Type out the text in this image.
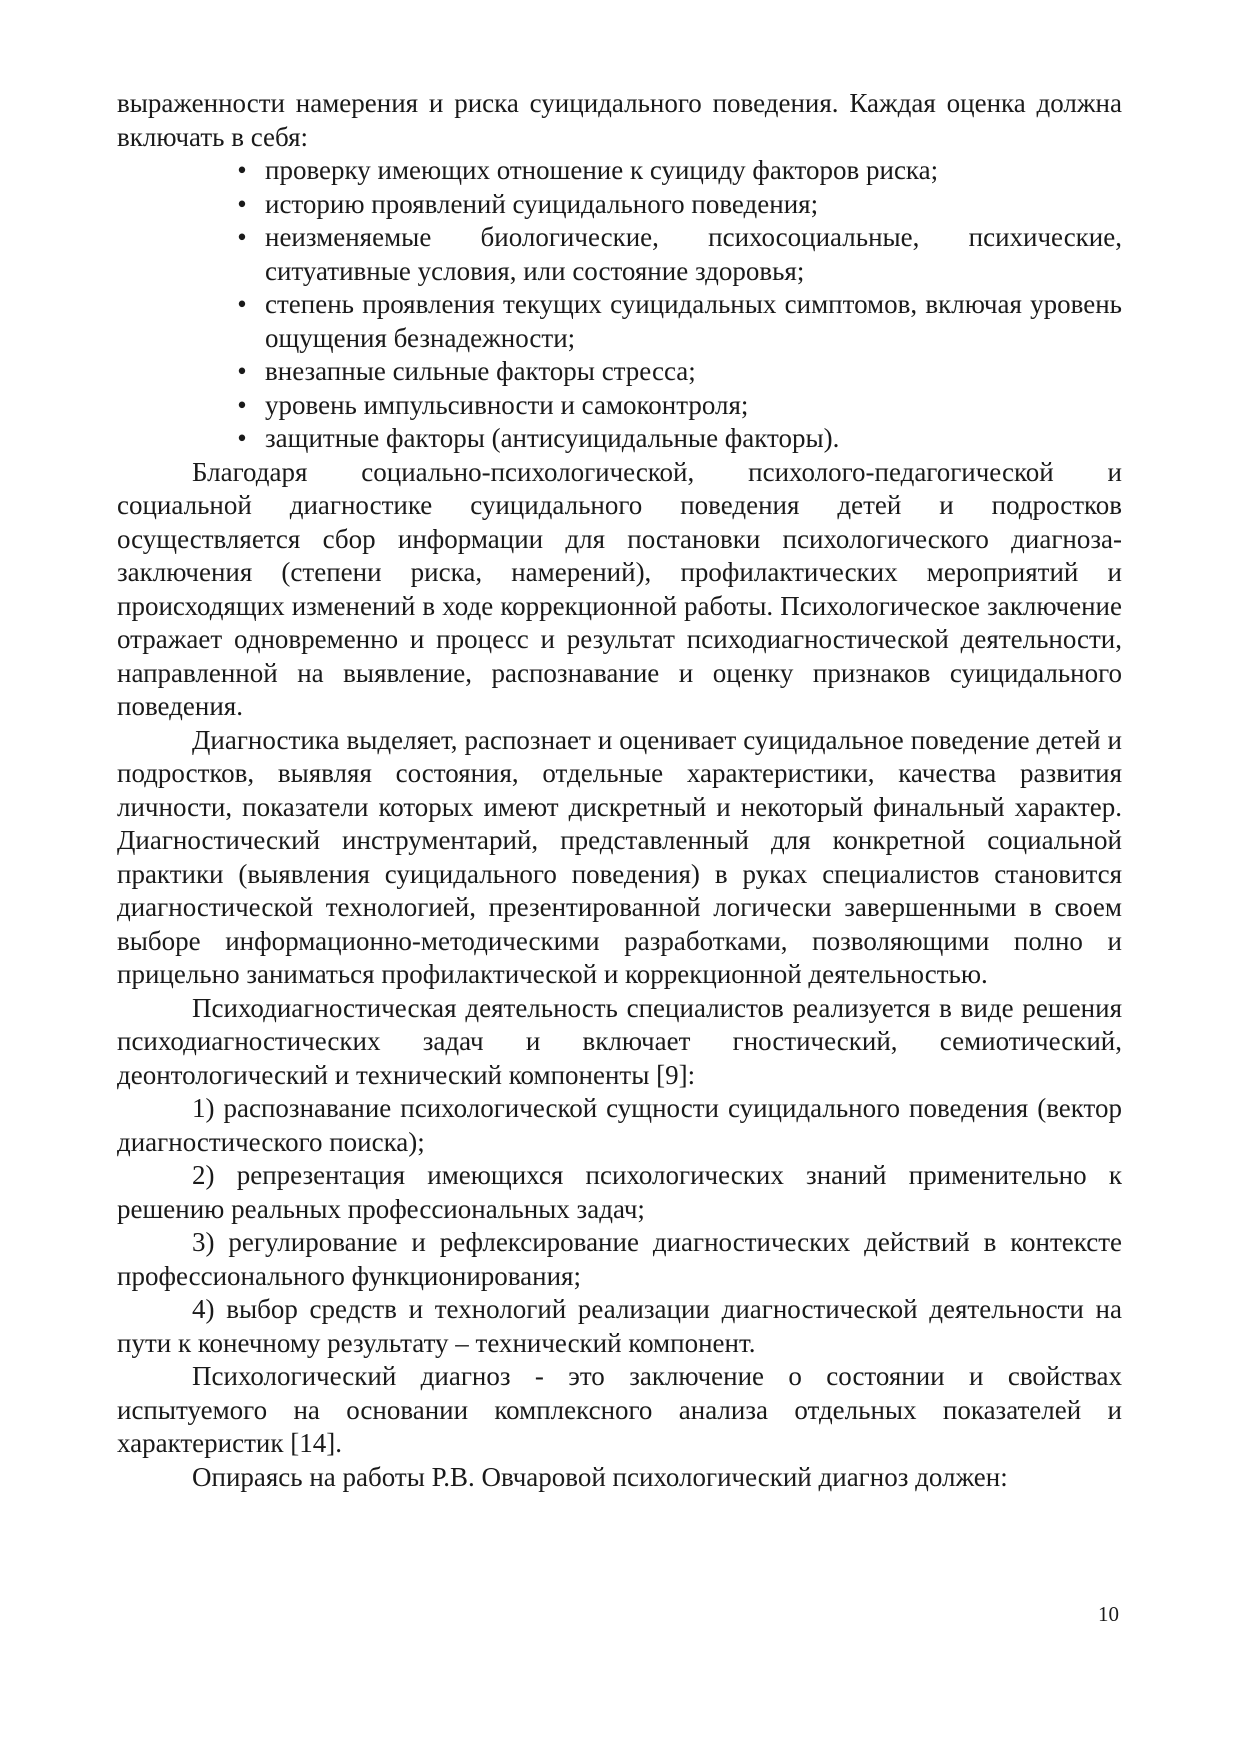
выраженности намерения и риска суицидального поведения. Каждая оценка должна включать в себя:

• проверку имеющих отношение к суициду факторов риска;
• историю проявлений суицидального поведения;
• неизменяемые биологические, психосоциальные, психические, ситуативные условия, или состояние здоровья;
• степень проявления текущих суицидальных симптомов, включая уровень ощущения безнадежности;
• внезапные сильные факторы стресса;
• уровень импульсивности и самоконтроля;
• защитные факторы (антисуицидальные факторы).

Благодаря социально-психологической, психолого-педагогической и социальной диагностике суицидального поведения детей и подростков осуществляется сбор информации для постановки психологического диагноза-заключения (степени риска, намерений), профилактических мероприятий и происходящих изменений в ходе коррекционной работы. Психологическое заключение отражает одновременно и процесс и результат психодиагностической деятельности, направленной на выявление, распознавание и оценку признаков суицидального поведения.

Диагностика выделяет, распознает и оценивает суицидальное поведение детей и подростков, выявляя состояния, отдельные характеристики, качества развития личности, показатели которых имеют дискретный и некоторый финальный характер. Диагностический инструментарий, представленный для конкретной социальной практики (выявления суицидального поведения) в руках специалистов становится диагностической технологией, презентированной логически завершенными в своем выборе информационно-методическими разработками, позволяющими полно и прицельно заниматься профилактической и коррекционной деятельностью.

Психодиагностическая деятельность специалистов реализуется в виде решения психодиагностических задач и включает гностический, семиотический, деонтологический и технический компоненты [9]:

1) распознавание психологической сущности суицидального поведения (вектор диагностического поиска);

2) репрезентация имеющихся психологических знаний применительно к решению реальных профессиональных задач;

3) регулирование и рефлексирование диагностических действий в контексте профессионального функционирования;

4) выбор средств и технологий реализации диагностической деятельности на пути к конечному результату – технический компонент.

Психологический диагноз - это заключение о состоянии и свойствах испытуемого на основании комплексного анализа отдельных показателей и характеристик [14].

Опираясь на работы Р.В. Овчаровой психологический диагноз должен:

10
